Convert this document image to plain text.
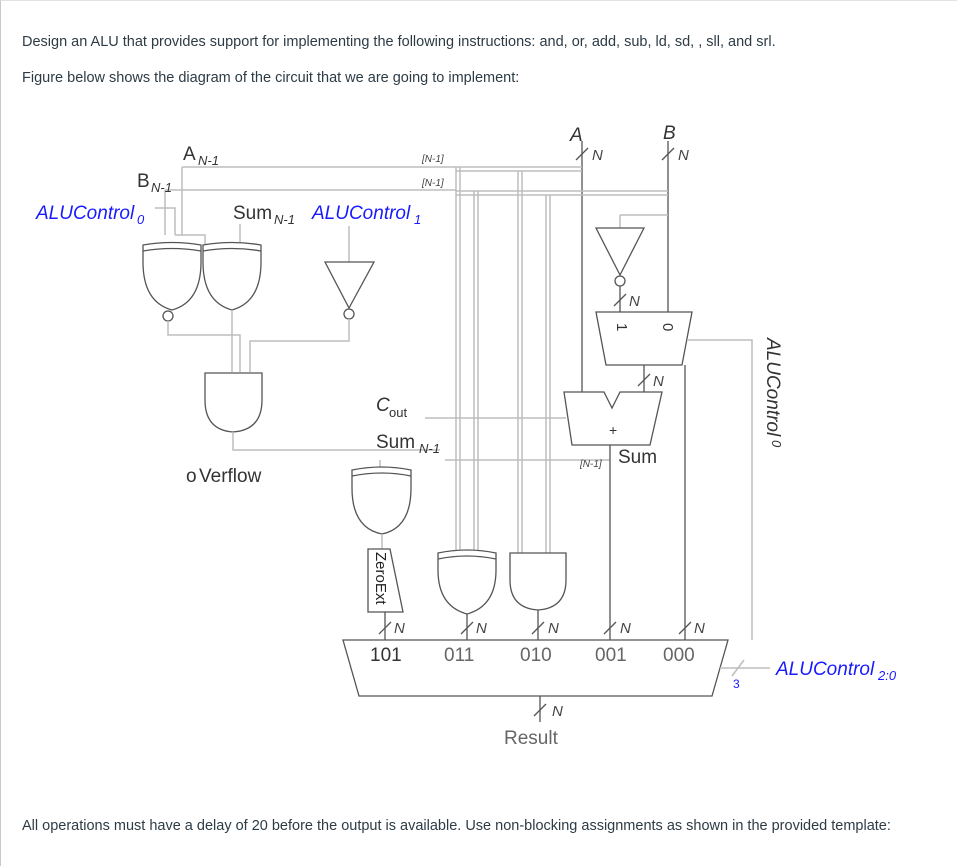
Design an ALU that provides support for implementing the following instructions: and, or, add, sub, ld, sd, , sll, and srl.
Figure below shows the diagram of the circuit that we are going to implement:
A
N
B
N
[N-1]
[N-1]
A N-1
B N-1
ALUControl 0	Sum N-1 ALUControl 1
o Verflow
C out
Sum N-1
ZeroExt
N	N	N
N
1 0
N
+
N
Sum
[N-1]
N
ALUControl
0
101 011 010 001 000
N
Result
3
ALUControl 2:0
All operations must have a delay of 20 before the output is available. Use non-blocking assignments as shown in the provided template:
